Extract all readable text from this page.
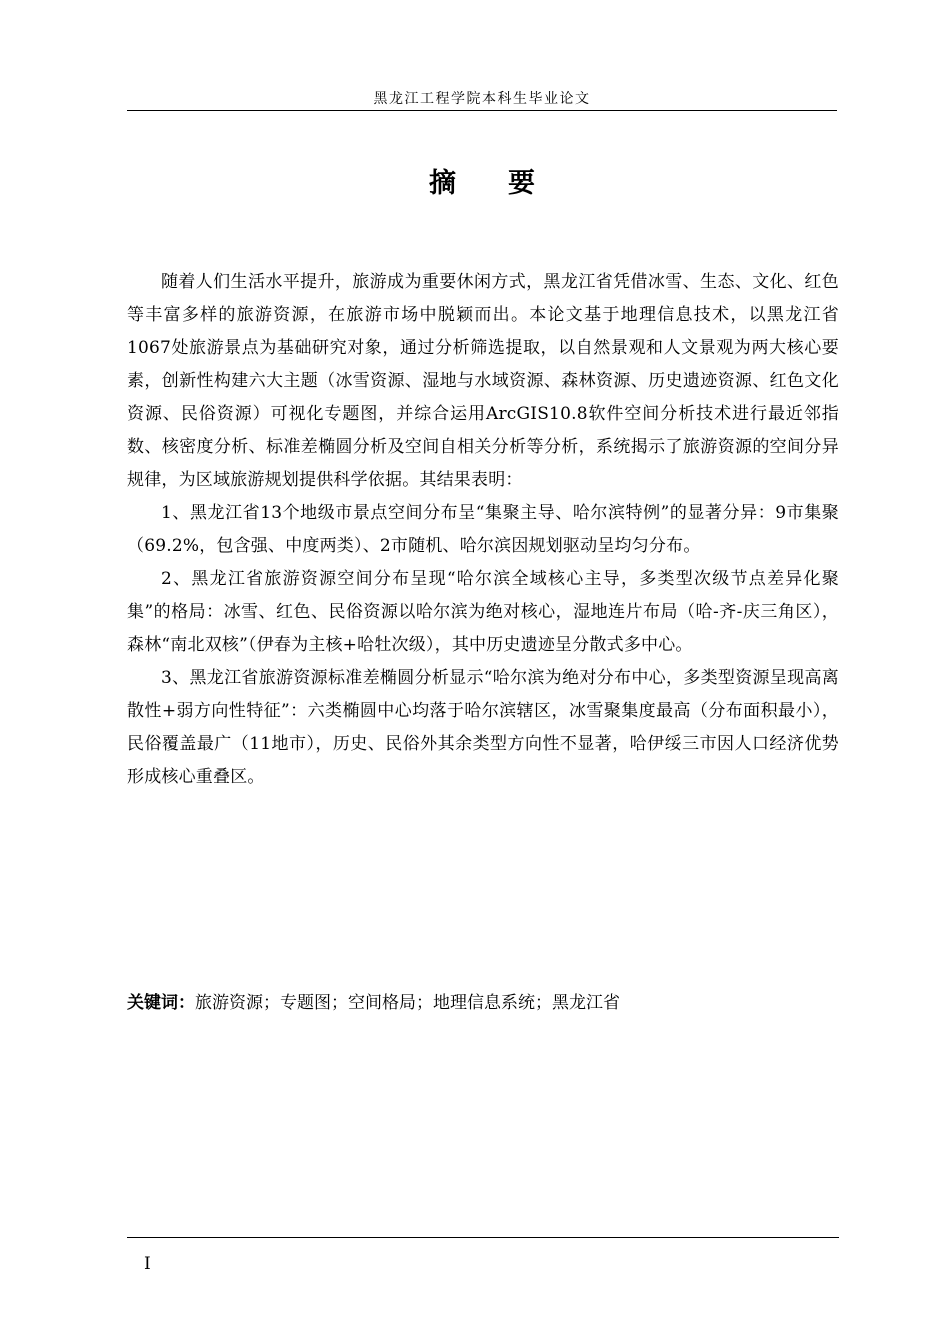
黑龙江工程学院本科生毕业论文
摘要

随着人们生活水平提升，旅游成为重要休闲方式，黑龙江省凭借冰雪、生态、文化、红色等丰富多样的旅游资源，在旅游市场中脱颖而出。本论文基于地理信息技术，以黑龙江省1067处旅游景点为基础研究对象，通过分析筛选提取，以自然景观和人文景观为两大核心要素，创新性构建六大主题（冰雪资源、湿地与水域资源、森林资源、历史遗迹资源、红色文化资源、民俗资源）可视化专题图，并综合运用ArcGIS10.8软件空间分析技术进行最近邻指数、核密度分析、标准差椭圆分析及空间自相关分析等分析，系统揭示了旅游资源的空间分异规律，为区域旅游规划提供科学依据。其结果表明：

1、黑龙江省13个地级市景点空间分布呈“集聚主导、哈尔滨特例”的显著分异：9市集聚（69.2%，包含强、中度两类）、2市随机、哈尔滨因规划驱动呈均匀分布。

2、黑龙江省旅游资源空间分布呈现“哈尔滨全域核心主导，多类型次级节点差异化聚集”的格局：冰雪、红色、民俗资源以哈尔滨为绝对核心，湿地连片布局（哈-齐-庆三角区），森林“南北双核”（伊春为主核+哈牡次级），其中历史遗迹呈分散式多中心。

3、黑龙江省旅游资源标准差椭圆分析显示“哈尔滨为绝对分布中心，多类型资源呈现高离散性+弱方向性特征”：六类椭圆中心均落于哈尔滨辖区，冰雪聚集度最高（分布面积最小），民俗覆盖最广（11地市），历史、民俗外其余类型方向性不显著，哈伊绥三市因人口经济优势形成核心重叠区。

关键词：旅游资源；专题图；空间格局；地理信息系统；黑龙江省
I
